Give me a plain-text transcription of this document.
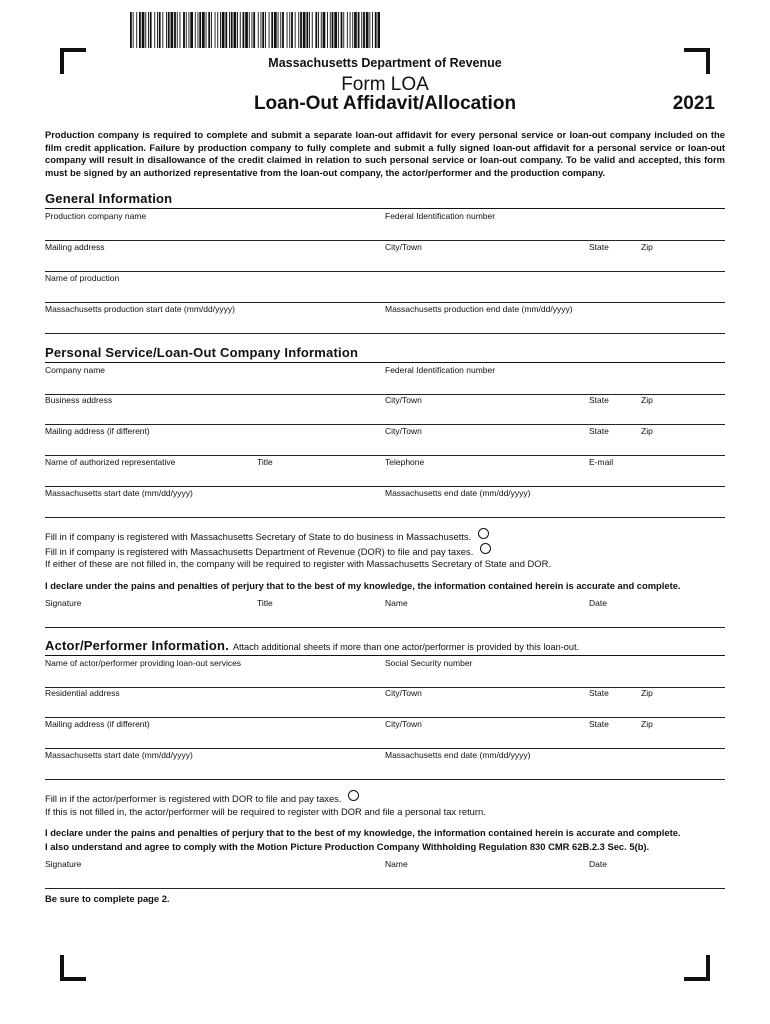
Massachusetts Department of Revenue
Form LOA
Loan-Out Affidavit/Allocation	2021
Production company is required to complete and submit a separate loan-out affidavit for every personal service or loan-out company included on the film credit application. Failure by production company to fully complete and submit a fully signed loan-out affidavit for a personal service or loan-out company will result in disallowance of the credit claimed in relation to such personal service or loan-out company. To be valid and accepted, this form must be signed by an authorized representative from the loan-out company, the actor/performer and the production company.
General Information
Production company name	Federal Identification number
Mailing address	City/Town	State	Zip
Name of production
Massachusetts production start date (mm/dd/yyyy)	Massachusetts production end date (mm/dd/yyyy)
Personal Service/Loan-Out Company Information
Company name	Federal Identification number
Business address	City/Town	State	Zip
Mailing address (if different)	City/Town	State	Zip
Name of authorized representative	Title	Telephone	E-mail
Massachusetts start date (mm/dd/yyyy)	Massachusetts end date (mm/dd/yyyy)
Fill in if company is registered with Massachusetts Secretary of State to do business in Massachusetts.
Fill in if company is registered with Massachusetts Department of Revenue (DOR) to file and pay taxes.
If either of these are not filled in, the company will be required to register with Massachusetts Secretary of State and DOR.
I declare under the pains and penalties of perjury that to the best of my knowledge, the information contained herein is accurate and complete.
Signature	Title	Name	Date
Actor/Performer Information. Attach additional sheets if more than one actor/performer is provided by this loan-out.
Name of actor/performer providing loan-out services	Social Security number
Residential address	City/Town	State	Zip
Mailing address (if different)	City/Town	State	Zip
Massachusetts start date (mm/dd/yyyy)	Massachusetts end date (mm/dd/yyyy)
Fill in if the actor/performer is registered with DOR to file and pay taxes.
If this is not filled in, the actor/performer will be required to register with DOR and file a personal tax return.
I declare under the pains and penalties of perjury that to the best of my knowledge, the information contained herein is accurate and complete.
I also understand and agree to comply with the Motion Picture Production Company Withholding Regulation 830 CMR 62B.2.3 Sec. 5(b).
Signature	Name	Date
Be sure to complete page 2.
